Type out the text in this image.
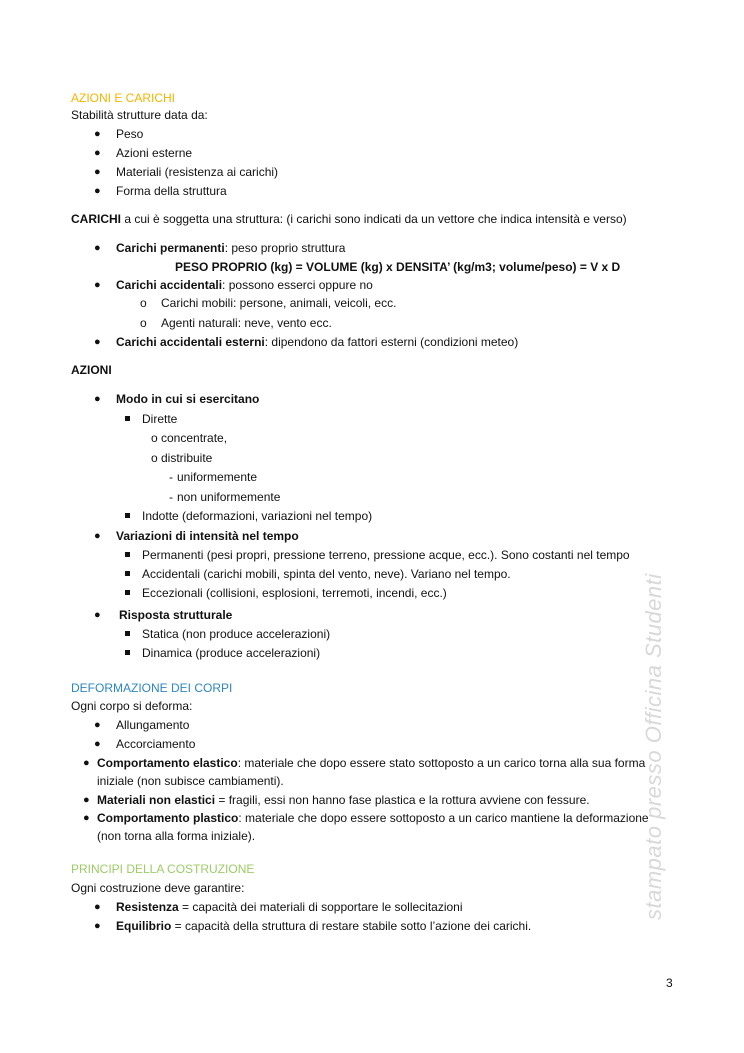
AZIONI E CARICHI
Stabilità strutture data da:
● Peso
● Azioni esterne
● Materiali (resistenza ai carichi)
● Forma della struttura
CARICHI a cui è soggetta una struttura: (i carichi sono indicati da un vettore che indica intensità e verso)
● Carichi permanenti: peso proprio struttura
PESO PROPRIO (kg) = VOLUME (kg) x DENSITA’ (kg/m3; volume/peso) = V x D
● Carichi accidentali: possono esserci oppure no
o Carichi mobili: persone, animali, veicoli, ecc.
o Agenti naturali: neve, vento ecc.
● Carichi accidentali esterni: dipendono da fattori esterni (condizioni meteo)
AZIONI
● Modo in cui si esercitano
Dirette
o concentrate,
o distribuite
- uniformemente
- non uniformemente
Indotte (deformazioni, variazioni nel tempo)
● Variazioni di intensità nel tempo
Permanenti (pesi propri, pressione terreno, pressione acque, ecc.). Sono costanti nel tempo
Accidentali (carichi mobili, spinta del vento, neve). Variano nel tempo.
Eccezionali (collisioni, esplosioni, terremoti, incendi, ecc.)
● Risposta strutturale
Statica (non produce accelerazioni)
Dinamica (produce accelerazioni)
DEFORMAZIONE DEI CORPI
Ogni corpo si deforma:
● Allungamento
● Accorciamento
● Comportamento elastico: materiale che dopo essere stato sottoposto a un carico torna alla sua forma
iniziale (non subisce cambiamenti).
● Materiali non elastici = fragili, essi non hanno fase plastica e la rottura avviene con fessure.
● Comportamento plastico: materiale che dopo essere sottoposto a un carico mantiene la deformazione
(non torna alla forma iniziale).
PRINCIPI DELLA COSTRUZIONE
Ogni costruzione deve garantire:
● Resistenza = capacità dei materiali di sopportare le sollecitazioni
● Equilibrio = capacità della struttura di restare stabile sotto l’azione dei carichi.
stampato presso Officina Studenti
3
